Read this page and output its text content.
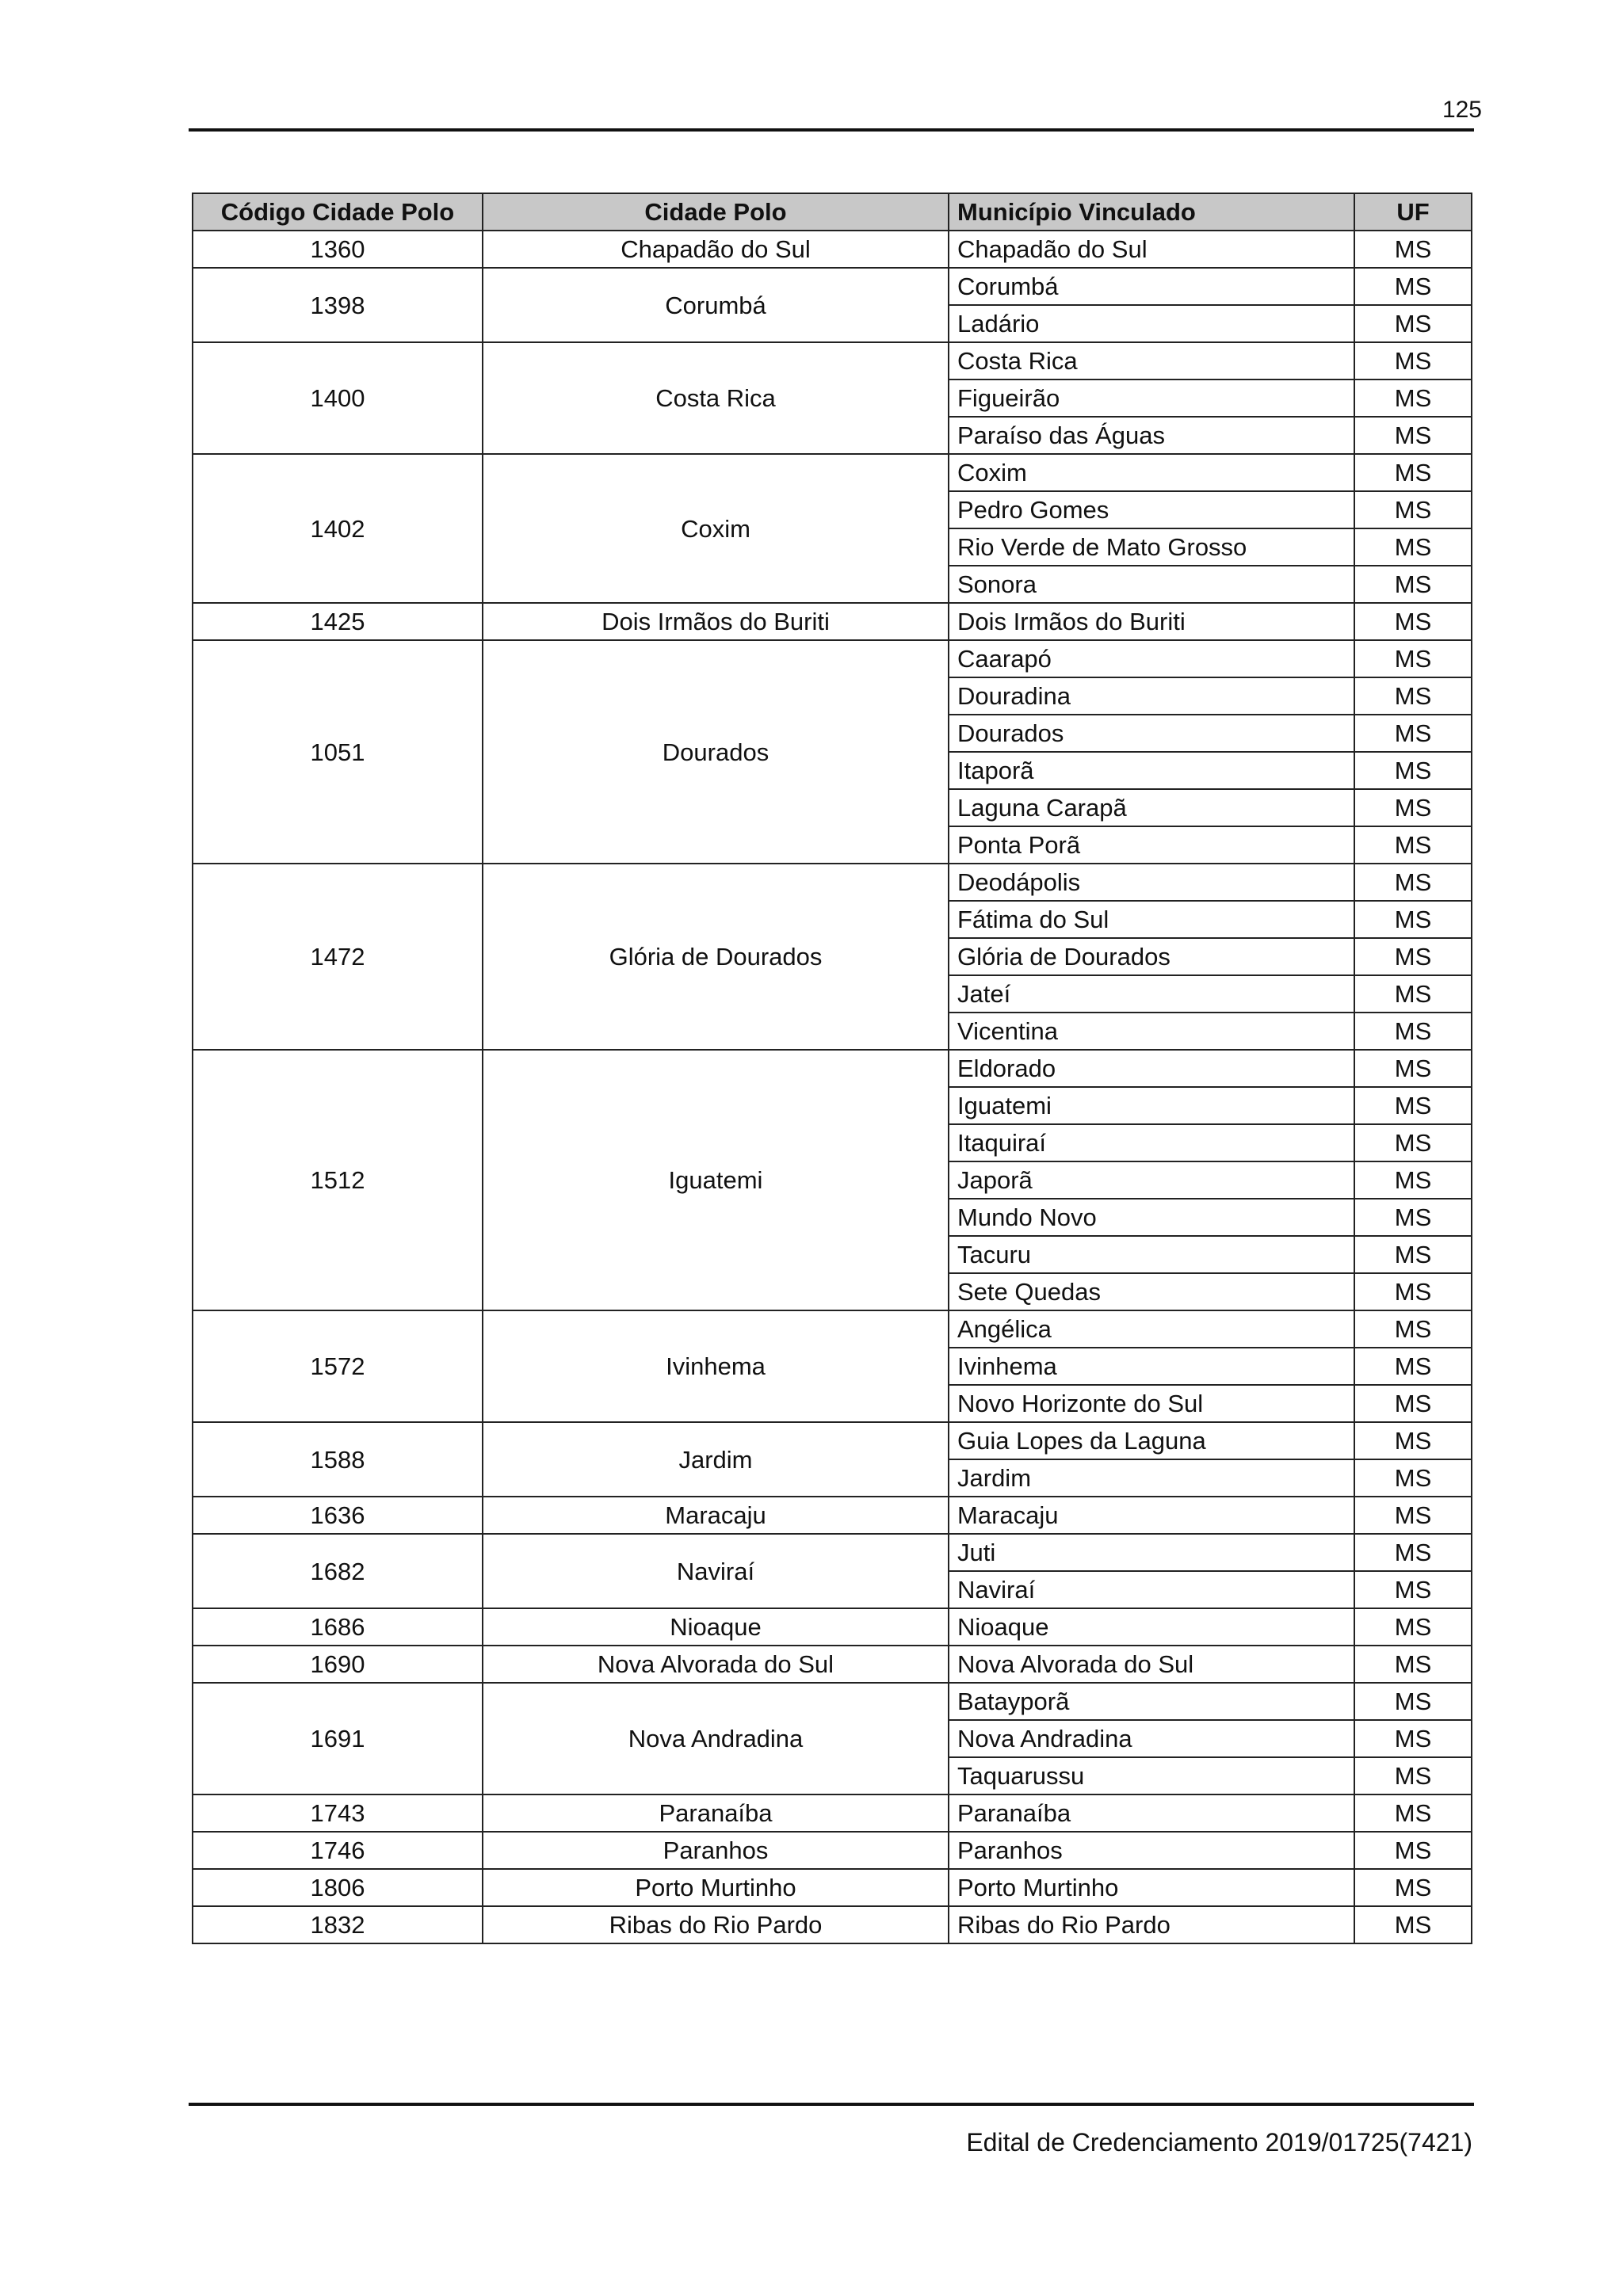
125
Código Cidade Polo	Cidade Polo	Município Vinculado	UF
1360	Chapadão do Sul	Chapadão do Sul	MS
1398	Corumbá	Corumbá	MS
		Ladário	MS
1400	Costa Rica	Costa Rica	MS
		Figueirão	MS
		Paraíso das Águas	MS
1402	Coxim	Coxim	MS
		Pedro Gomes	MS
		Rio Verde de Mato Grosso	MS
		Sonora	MS
1425	Dois Irmãos do Buriti	Dois Irmãos do Buriti	MS
1051	Dourados	Caarapó	MS
		Douradina	MS
		Dourados	MS
		Itaporã	MS
		Laguna Carapã	MS
		Ponta Porã	MS
1472	Glória de Dourados	Deodápolis	MS
		Fátima do Sul	MS
		Glória de Dourados	MS
		Jateí	MS
		Vicentina	MS
1512	Iguatemi	Eldorado	MS
		Iguatemi	MS
		Itaquiraí	MS
		Japorã	MS
		Mundo Novo	MS
		Tacuru	MS
		Sete Quedas	MS
1572	Ivinhema	Angélica	MS
		Ivinhema	MS
		Novo Horizonte do Sul	MS
1588	Jardim	Guia Lopes da Laguna	MS
		Jardim	MS
1636	Maracaju	Maracaju	MS
1682	Naviraí	Juti	MS
		Naviraí	MS
1686	Nioaque	Nioaque	MS
1690	Nova Alvorada do Sul	Nova Alvorada do Sul	MS
1691	Nova Andradina	Batayporã	MS
		Nova Andradina	MS
		Taquarussu	MS
1743	Paranaíba	Paranaíba	MS
1746	Paranhos	Paranhos	MS
1806	Porto Murtinho	Porto Murtinho	MS
1832	Ribas do Rio Pardo	Ribas do Rio Pardo	MS
Edital de Credenciamento 2019/01725(7421)
